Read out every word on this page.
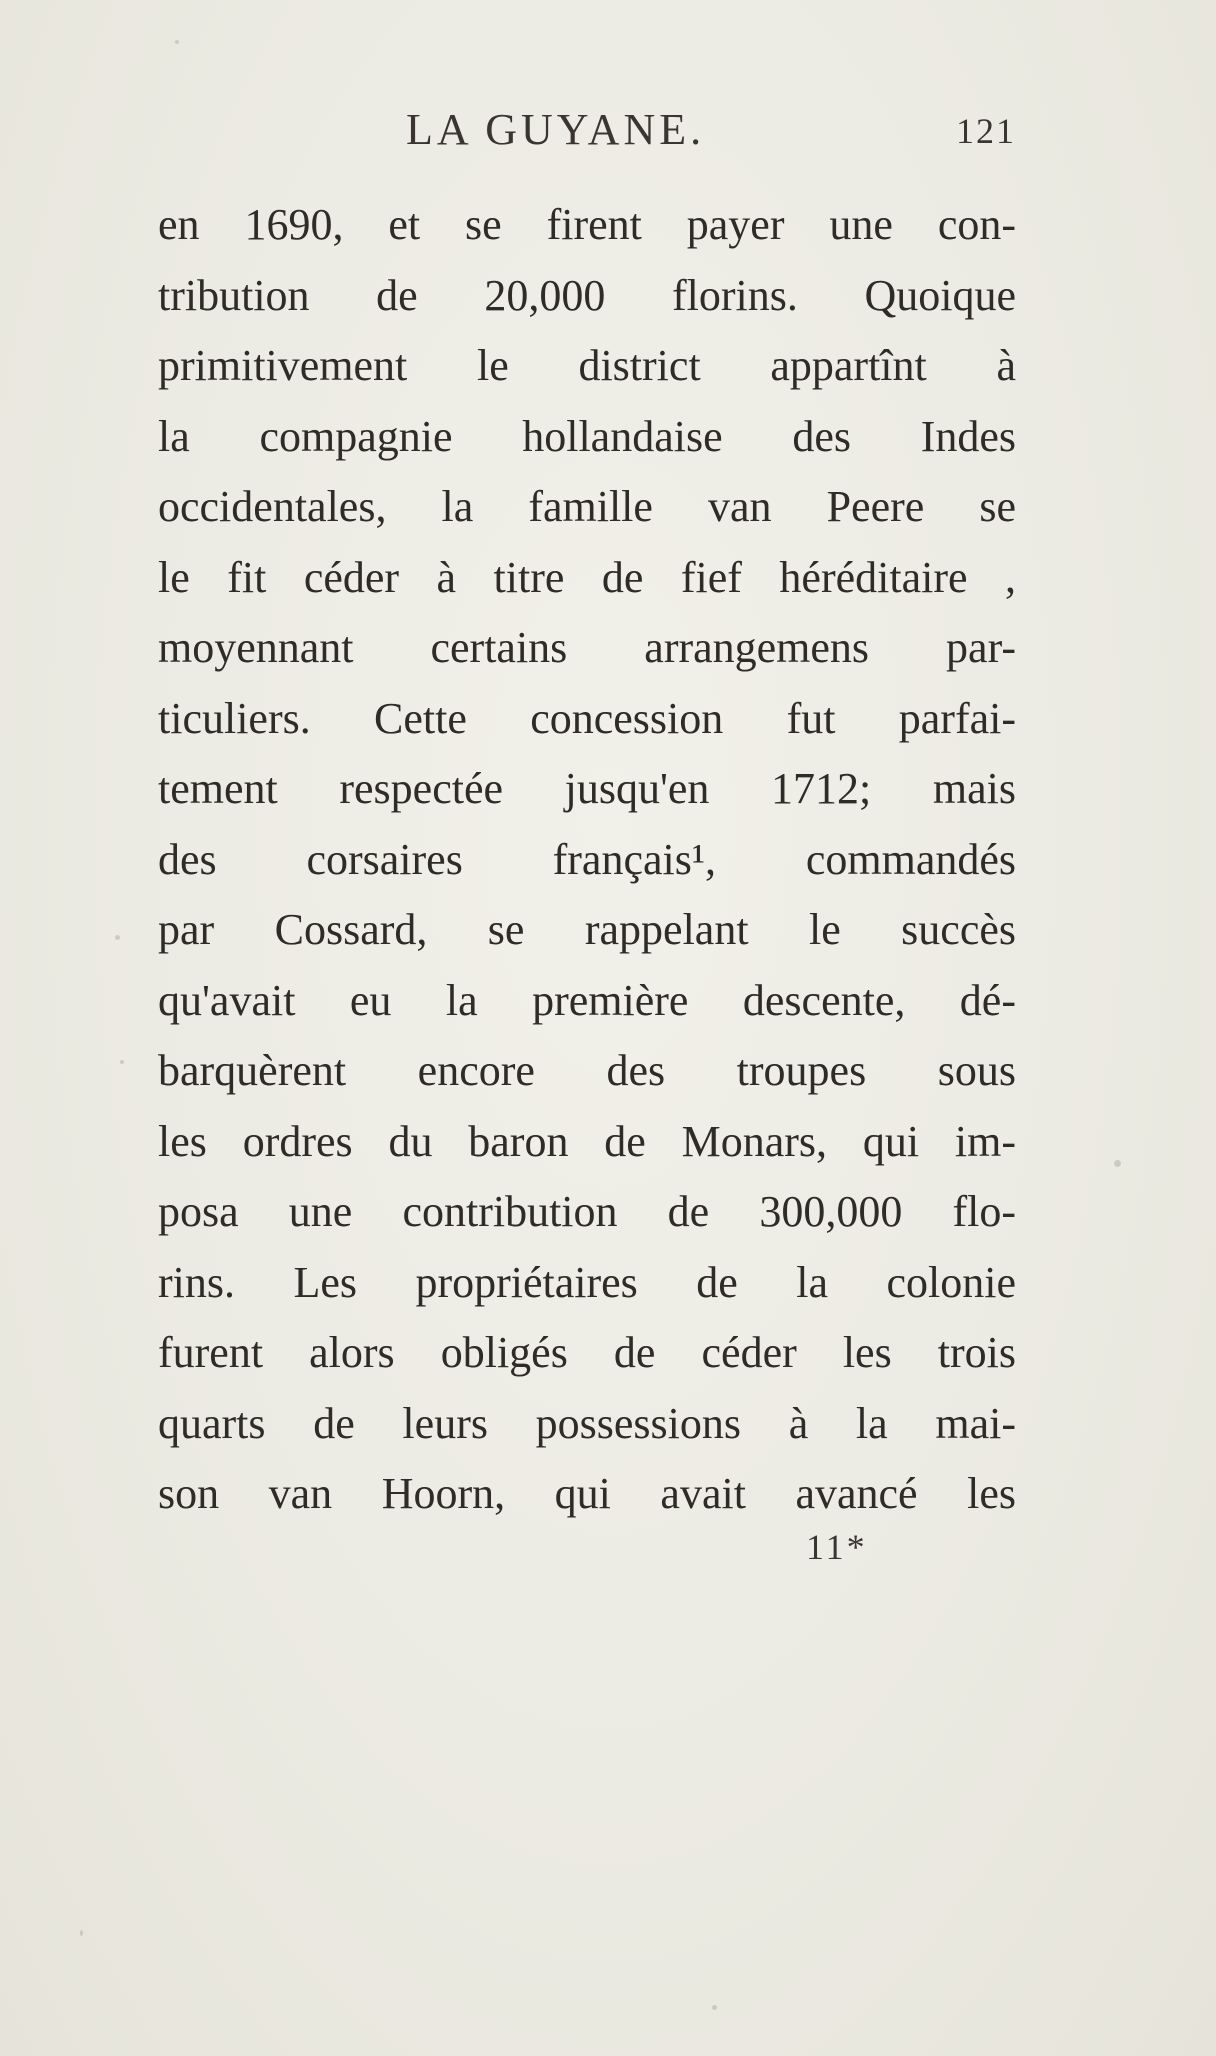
LA GUYANE.	121
en 1690, et se firent payer une con-
tribution de 20,000 florins. Quoique
primitivement le district appartînt à
la compagnie hollandaise des Indes
occidentales, la famille van Peere se
le fit céder à titre de fief héréditaire ,
moyennant certains arrangemens par-
ticuliers. Cette concession fut parfai-
tement respectée jusqu'en 1712; mais
des corsaires français¹, commandés
par Cossard, se rappelant le succès
qu'avait eu la première descente, dé-
barquèrent encore des troupes sous
les ordres du baron de Monars, qui im-
posa une contribution de 300,000 flo-
rins. Les propriétaires de la colonie
furent alors obligés de céder les trois
quarts de leurs possessions à la mai-
son van Hoorn, qui avait avancé les
11*
